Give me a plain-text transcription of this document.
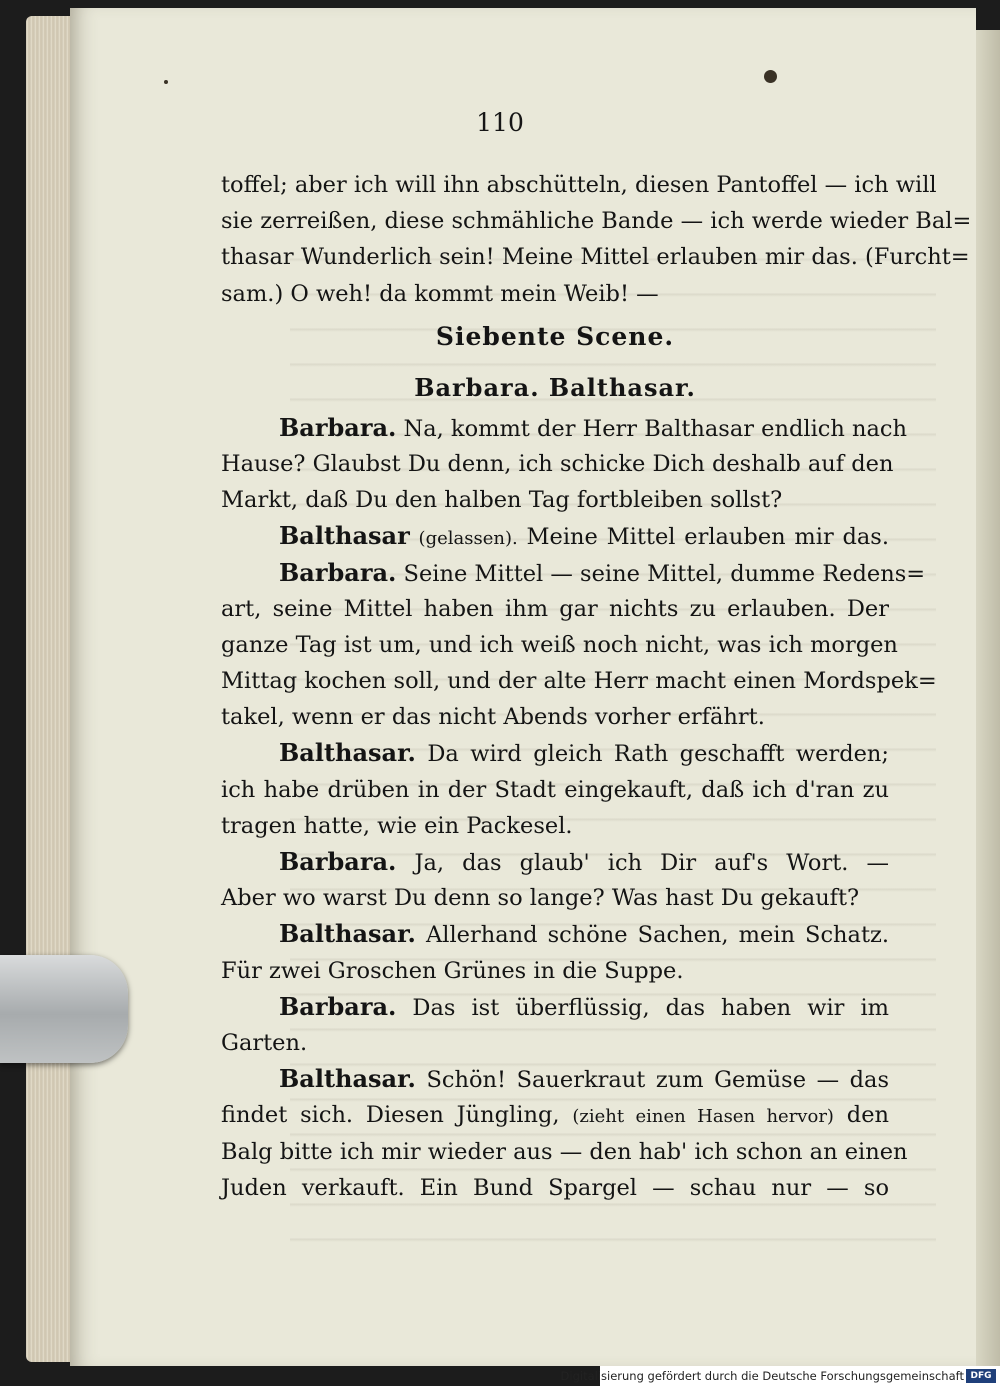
110
toffel; aber ich will ihn abschütteln, diesen Pantoffel — ich will
sie zerreißen, diese schmähliche Bande — ich werde wieder Bal=
thasar Wunderlich sein! Meine Mittel erlauben mir das. (Furcht=
sam.) O weh! da kommt mein Weib! —
Siebente Scene.
Barbara. Balthasar.
Barbara. Na, kommt der Herr Balthasar endlich nach
Hause? Glaubst Du denn, ich schicke Dich deshalb auf den
Markt, daß Du den halben Tag fortbleiben sollst?
Balthasar (gelassen). Meine Mittel erlauben mir das.
Barbara. Seine Mittel — seine Mittel, dumme Redens=
art, seine Mittel haben ihm gar nichts zu erlauben. Der
ganze Tag ist um, und ich weiß noch nicht, was ich morgen
Mittag kochen soll, und der alte Herr macht einen Mordspek=
takel, wenn er das nicht Abends vorher erfährt.
Balthasar. Da wird gleich Rath geschafft werden;
ich habe drüben in der Stadt eingekauft, daß ich d'ran zu
tragen hatte, wie ein Packesel.
Barbara. Ja, das glaub' ich Dir auf's Wort. —
Aber wo warst Du denn so lange? Was hast Du gekauft?
Balthasar. Allerhand schöne Sachen, mein Schatz.
Für zwei Groschen Grünes in die Suppe.
Barbara. Das ist überflüssig, das haben wir im
Garten.
Balthasar. Schön! Sauerkraut zum Gemüse — das
findet sich. Diesen Jüngling, (zieht einen Hasen hervor) den
Balg bitte ich mir wieder aus — den hab' ich schon an einen
Juden verkauft. Ein Bund Spargel — schau nur — so
Digitalisierung gefördert durch die Deutsche Forschungsgemeinschaft DFG
